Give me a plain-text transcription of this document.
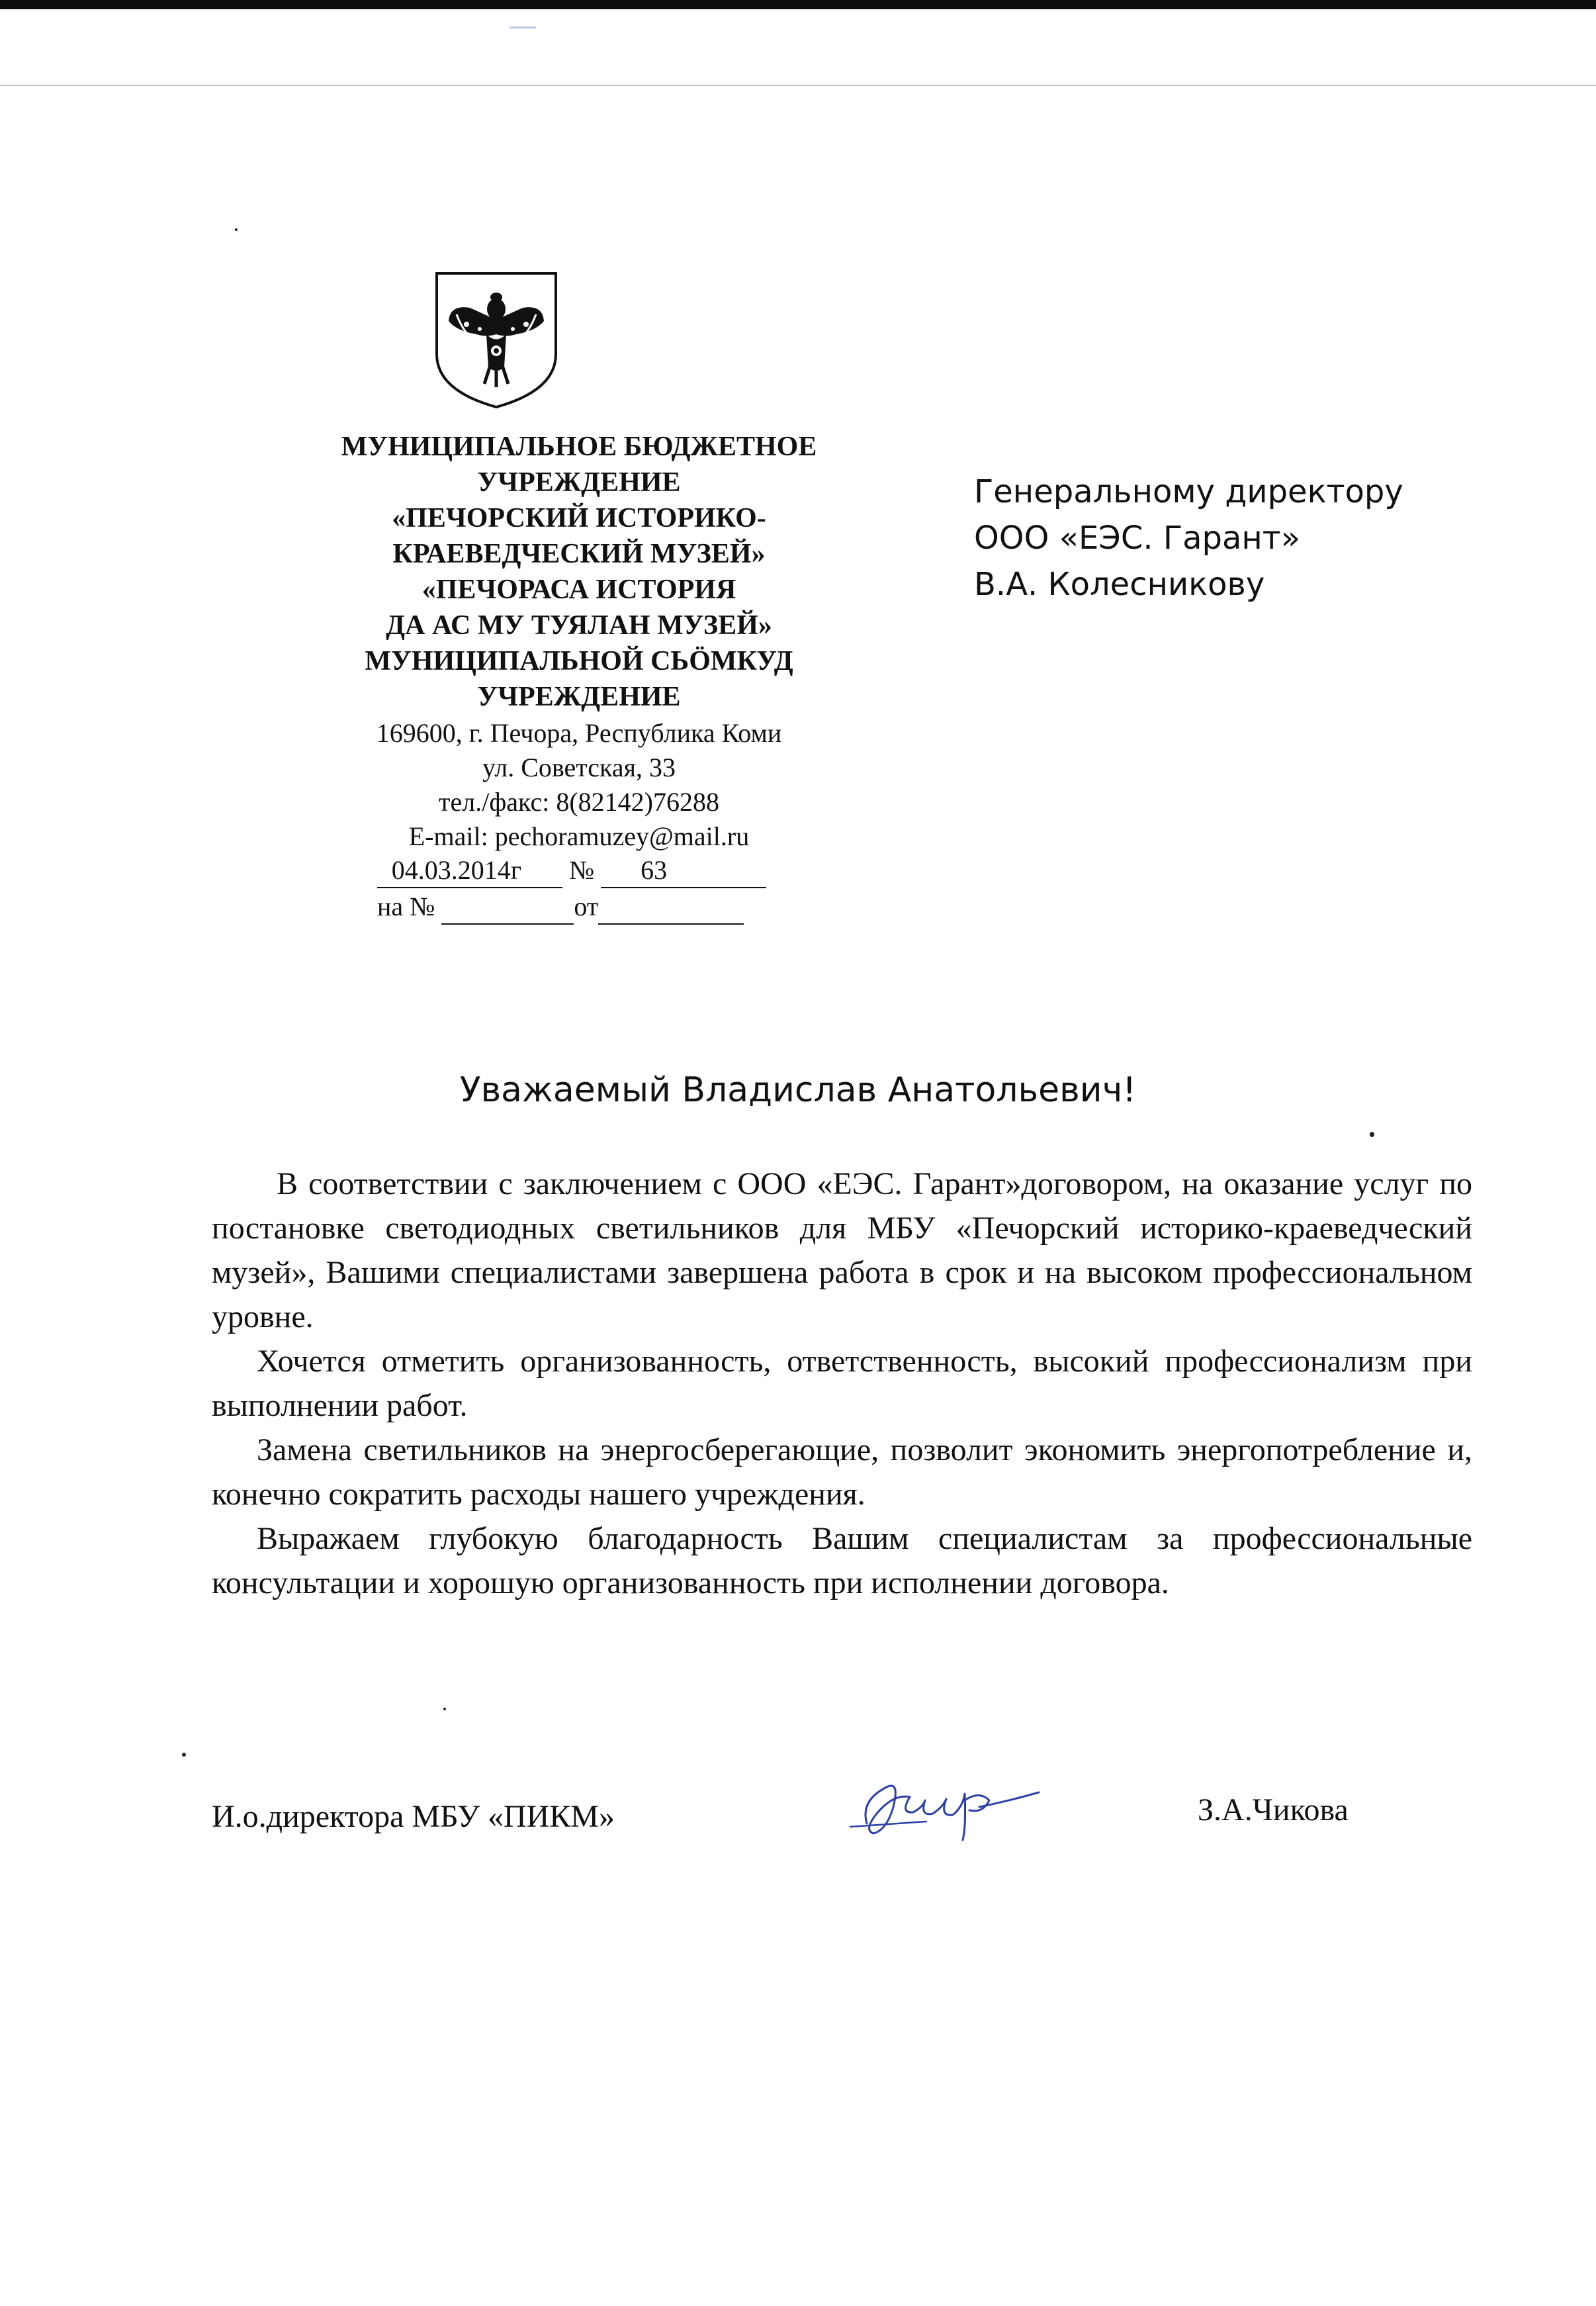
МУНИЦИПАЛЬНОЕ БЮДЖЕТНОЕ
УЧРЕЖДЕНИЕ
«ПЕЧОРСКИЙ ИСТОРИКО-
КРАЕВЕДЧЕСКИЙ МУЗЕЙ»
«ПЕЧОРАСА ИСТОРИЯ
ДА АС МУ ТУЯЛАН МУЗЕЙ»
МУНИЦИПАЛЬНОЙ СЬÖМКУД
УЧРЕЖДЕНИЕ
169600, г. Печора, Республика Коми
ул. Советская, 33
тел./факс: 8(82142)76288
E-mail: pechoramuzey@mail.ru
04.03.2014г № 63
на №	от
Генеральному директору
ООО «ЕЭС. Гарант»
В.А. Колесникову
Уважаемый Владислав Анатольевич!

В соответствии с заключением с ООО «ЕЭС. Гарант»договором, на оказание услуг по постановке светодиодных светильников для МБУ «Печорский историко-краеведческий музей», Вашими специалистами завершена работа в срок и на высоком профессиональном уровне.

Хочется отметить организованность, ответственность, высокий профессионализм при выполнении работ.

Замена светильников на энергосберегающие, позволит экономить энергопотребление и, конечно сократить расходы нашего учреждения.

Выражаем глубокую благодарность Вашим специалистам за профессиональные консультации и хорошую организованность при исполнении договора.

И.о.директора МБУ «ПИКМ»	З.А.Чикова
